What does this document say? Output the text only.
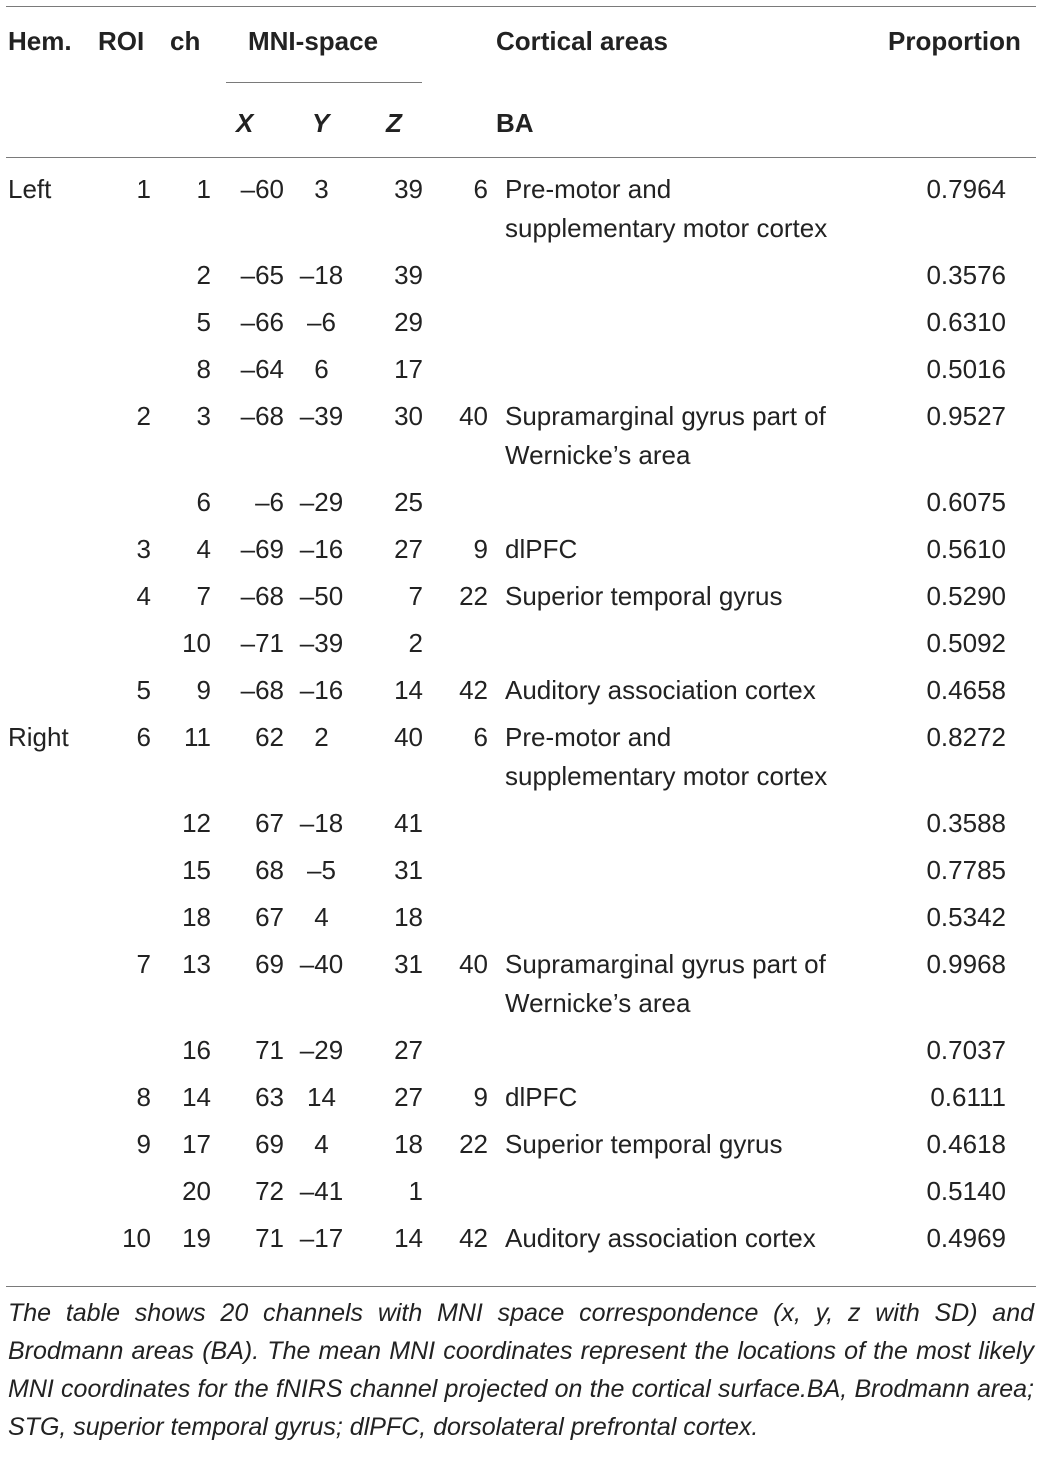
Hem. ROI ch MNI-space	Cortical areas	Proportion
X Y Z	BA
Left	1	1	–60	3	39	6	Pre-motor and supplementary motor cortex	0.7964
		2	–65	–18	39			0.3576
		5	–66	–6	29			0.6310
		8	–64	6	17			0.5016
	2	3	–68	–39	30	40	Supramarginal gyrus part of Wernicke’s area	0.9527
		6	–6	–29	25			0.6075
	3	4	–69	–16	27	9	dlPFC	0.5610
	4	7	–68	–50	7	22	Superior temporal gyrus	0.5290
		10	–71	–39	2			0.5092
	5	9	–68	–16	14	42	Auditory association cortex	0.4658
Right	6	11	62	2	40	6	Pre-motor and supplementary motor cortex	0.8272
		12	67	–18	41			0.3588
		15	68	–5	31			0.7785
		18	67	4	18			0.5342
	7	13	69	–40	31	40	Supramarginal gyrus part of Wernicke’s area	0.9968
		16	71	–29	27			0.7037
	8	14	63	14	27	9	dlPFC	0.6111
	9	17	69	4	18	22	Superior temporal gyrus	0.4618
		20	72	–41	1			0.5140
	10	19	71	–17	14	42	Auditory association cortex	0.4969
The table shows 20 channels with MNI space correspondence (x, y, z with SD) and Brodmann areas (BA). The mean MNI coordinates represent the locations of the most likely MNI coordinates for the fNIRS channel projected on the cortical surface.BA, Brodmann area; STG, superior temporal gyrus; dlPFC, dorsolateral prefrontal cortex.
